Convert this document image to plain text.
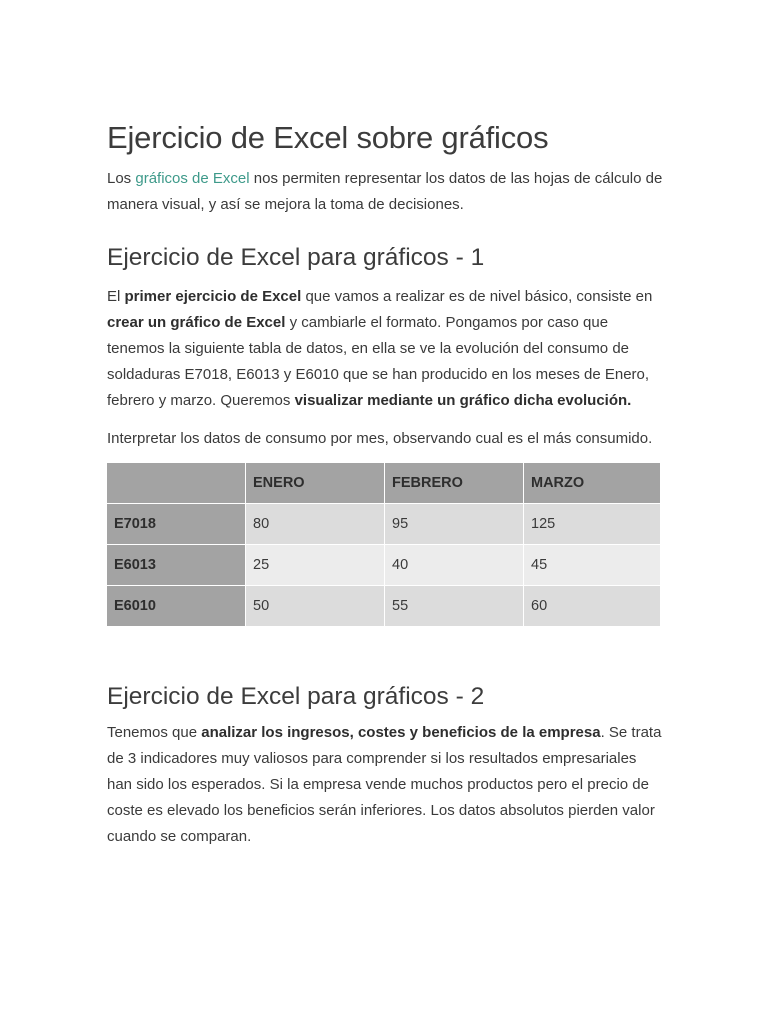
Ejercicio de Excel sobre gráficos

Los gráficos de Excel nos permiten representar los datos de las hojas de cálculo de manera visual, y así se mejora la toma de decisiones.

Ejercicio de Excel para gráficos - 1

El primer ejercicio de Excel que vamos a realizar es de nivel básico, consiste en crear un gráfico de Excel y cambiarle el formato. Pongamos por caso que tenemos la siguiente tabla de datos, en ella se ve la evolución del consumo de soldaduras E7018, E6013 y E6010 que se han producido en los meses de Enero, febrero y marzo. Queremos visualizar mediante un gráfico dicha evolución.

Interpretar los datos de consumo por mes, observando cual es el más consumido.

	ENERO	FEBRERO	MARZO
E7018	80	95	125
E6013	25	40	45
E6010	50	55	60
Ejercicio de Excel para gráficos - 2

Tenemos que analizar los ingresos, costes y beneficios de la empresa. Se trata de 3 indicadores muy valiosos para comprender si los resultados empresariales han sido los esperados. Si la empresa vende muchos productos pero el precio de coste es elevado los beneficios serán inferiores. Los datos absolutos pierden valor cuando se comparan.
